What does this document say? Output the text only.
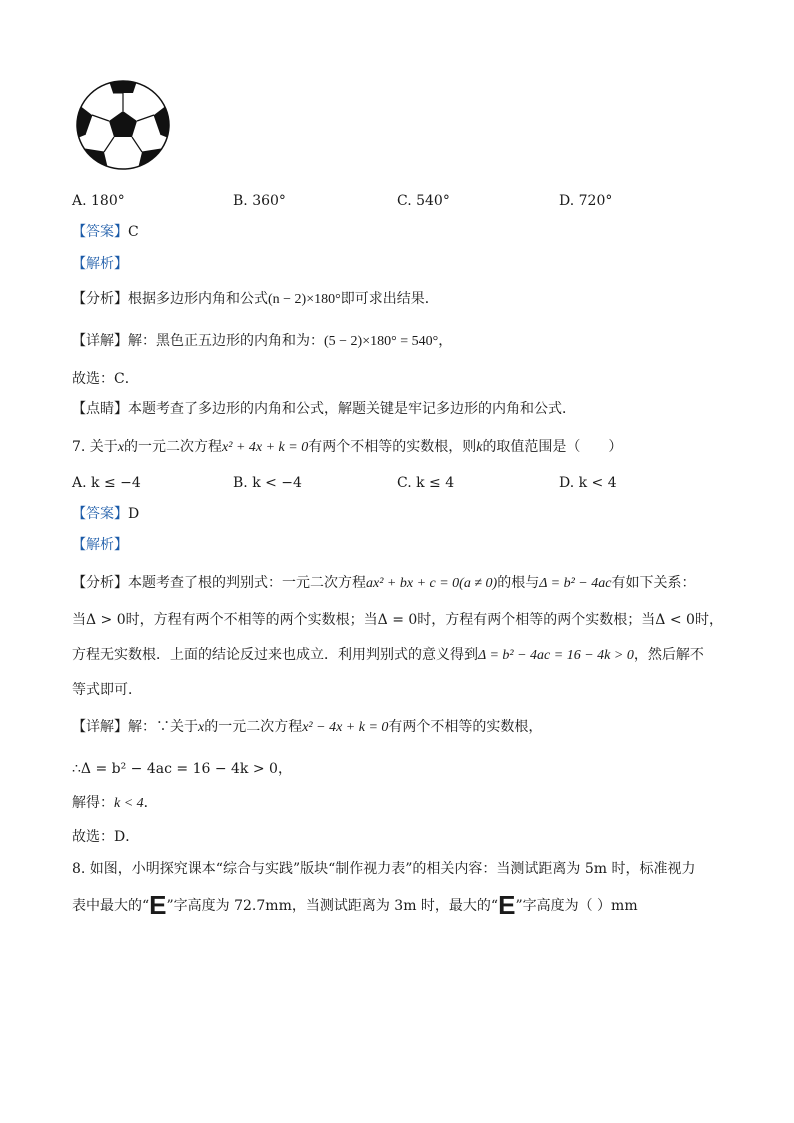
A. 180°	B. 360°	C. 540°	D. 720°
【答案】C
【解析】
【分析】根据多边形内角和公式(n − 2)×180°即可求出结果．
【详解】解：黑色正五边形的内角和为：(5 − 2)×180° = 540°，
故选：C．
【点睛】本题考查了多边形的内角和公式，解题关键是牢记多边形的内角和公式．
7. 关于x的一元二次方程x² + 4x + k = 0有两个不相等的实数根，则k的取值范围是（　　）
A. k ≤ −4	B. k < −4	C. k ≤ 4	D. k < 4
【答案】D
【解析】
【分析】本题考查了根的判别式：一元二次方程ax² + bx + c = 0(a ≠ 0)的根与Δ = b² − 4ac有如下关系：
当Δ > 0时，方程有两个不相等的两个实数根；当Δ = 0时，方程有两个相等的两个实数根；当Δ < 0时，
方程无实数根．上面的结论反过来也成立．利用判别式的意义得到Δ = b² − 4ac = 16 − 4k > 0，然后解不
等式即可．
【详解】解：∵关于x的一元二次方程x² − 4x + k = 0有两个不相等的实数根，
∴Δ = b² − 4ac = 16 − 4k > 0，
解得：k < 4．
故选：D．
8. 如图，小明探究课本“综合与实践”版块“制作视力表”的相关内容：当测试距离为 5m 时，标准视力
表中最大的“E”字高度为 72.7mm，当测试距离为 3m 时，最大的“E”字高度为（ ）mm
